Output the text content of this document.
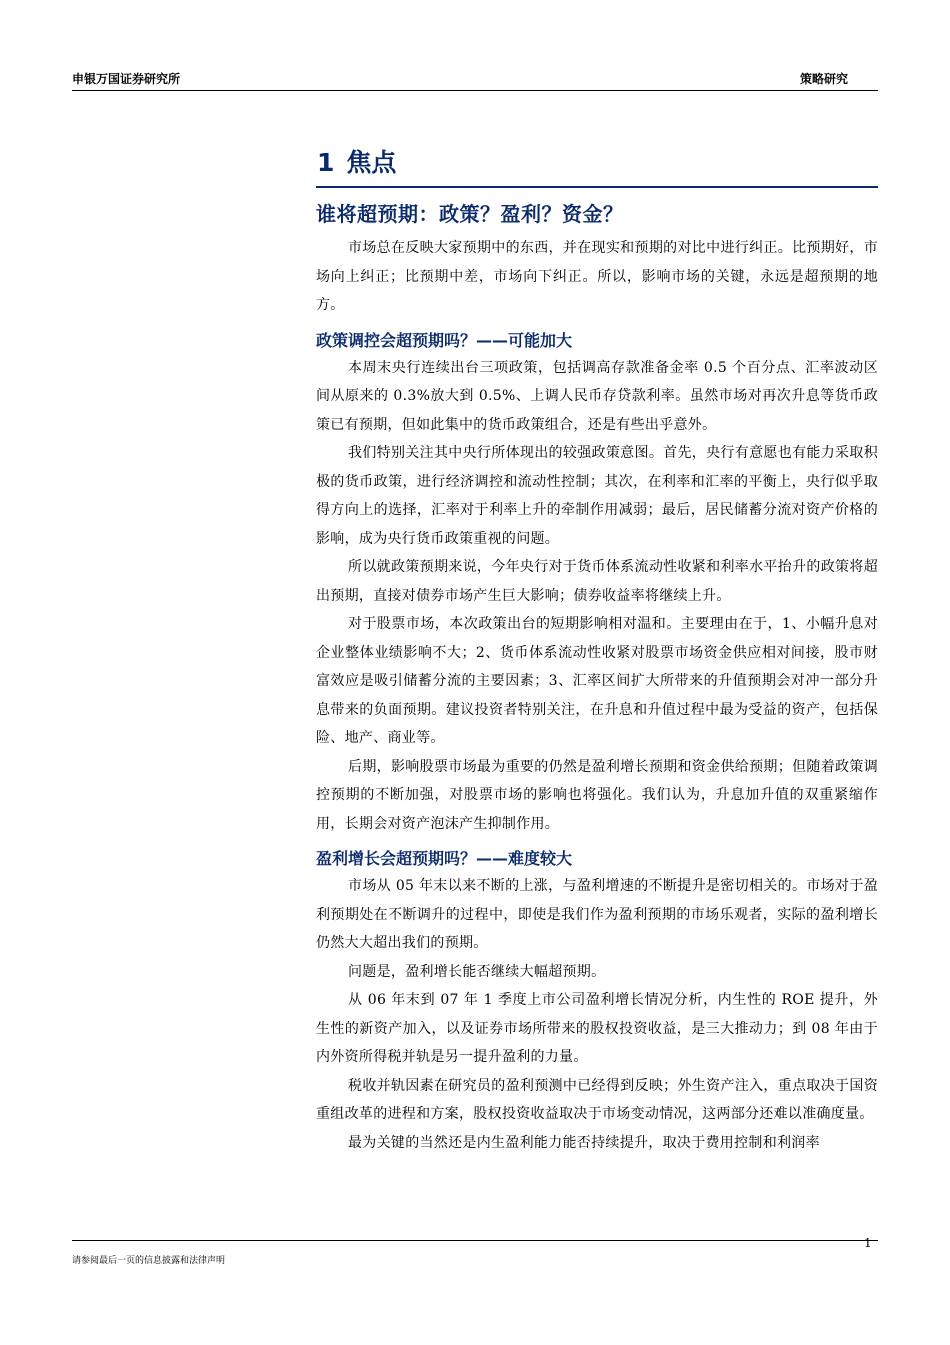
申银万国证券研究所	策略研究
1 焦点
谁将超预期：政策？盈利？资金？

市场总在反映大家预期中的东西，并在现实和预期的对比中进行纠正。比预期好，市场向上纠正；比预期中差，市场向下纠正。所以，影响市场的关键，永远是超预期的地方。

政策调控会超预期吗？——可能加大

本周末央行连续出台三项政策，包括调高存款准备金率 0.5 个百分点、汇率波动区间从原来的 0.3%放大到 0.5%、上调人民币存贷款利率。虽然市场对再次升息等货币政策已有预期，但如此集中的货币政策组合，还是有些出乎意外。

我们特别关注其中央行所体现出的较强政策意图。首先，央行有意愿也有能力采取积极的货币政策，进行经济调控和流动性控制；其次，在利率和汇率的平衡上，央行似乎取得方向上的选择，汇率对于利率上升的牵制作用减弱；最后，居民储蓄分流对资产价格的影响，成为央行货币政策重视的问题。

所以就政策预期来说，今年央行对于货币体系流动性收紧和利率水平抬升的政策将超出预期，直接对债券市场产生巨大影响；债券收益率将继续上升。

对于股票市场，本次政策出台的短期影响相对温和。主要理由在于，1、小幅升息对企业整体业绩影响不大；2、货币体系流动性收紧对股票市场资金供应相对间接，股市财富效应是吸引储蓄分流的主要因素；3、汇率区间扩大所带来的升值预期会对冲一部分升息带来的负面预期。建议投资者特别关注，在升息和升值过程中最为受益的资产，包括保险、地产、商业等。

后期，影响股票市场最为重要的仍然是盈利增长预期和资金供给预期；但随着政策调控预期的不断加强，对股票市场的影响也将强化。我们认为，升息加升值的双重紧缩作用，长期会对资产泡沫产生抑制作用。

盈利增长会超预期吗？——难度较大

市场从 05 年末以来不断的上涨，与盈利增速的不断提升是密切相关的。市场对于盈利预期处在不断调升的过程中，即使是我们作为盈利预期的市场乐观者，实际的盈利增长仍然大大超出我们的预期。

问题是，盈利增长能否继续大幅超预期。

从 06 年末到 07 年 1 季度上市公司盈利增长情况分析，内生性的 ROE 提升，外生性的新资产加入，以及证券市场所带来的股权投资收益，是三大推动力；到 08 年由于内外资所得税并轨是另一提升盈利的力量。

税收并轨因素在研究员的盈利预测中已经得到反映；外生资产注入，重点取决于国资重组改革的进程和方案，股权投资收益取决于市场变动情况，这两部分还难以准确度量。

最为关键的当然还是内生盈利能力能否持续提升，取决于费用控制和利润率

1
请参阅最后一页的信息披露和法律声明
